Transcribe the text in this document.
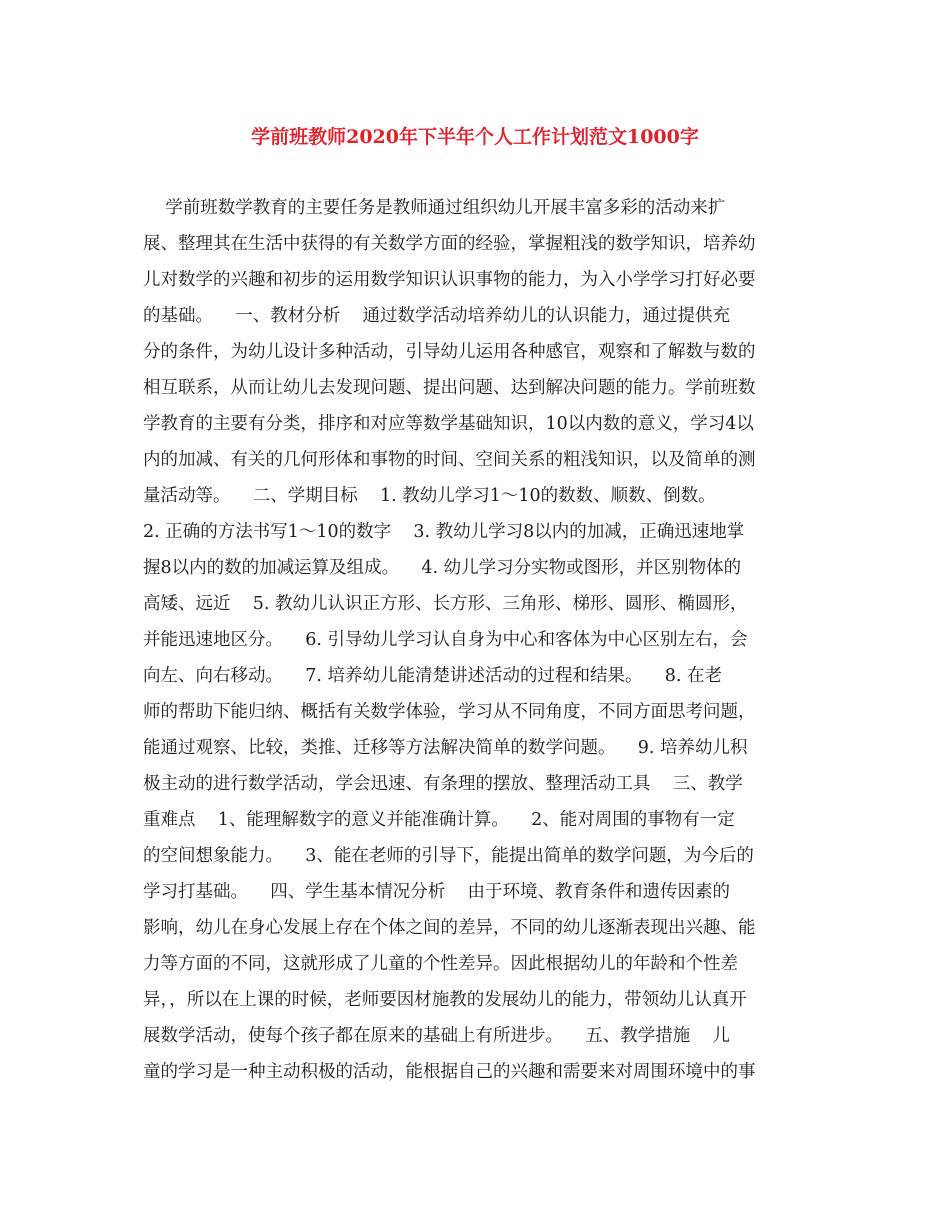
学前班教师2020年下半年个人工作计划范文1000字
学前班数学教育的主要任务是教师通过组织幼儿开展丰富多彩的活动来扩
展、整理其在生活中获得的有关数学方面的经验，掌握粗浅的数学知识，培养幼
儿对数学的兴趣和初步的运用数学知识认识事物的能力，为入小学学习打好必要
的基础。    一、教材分析    通过数学活动培养幼儿的认识能力，通过提供充
分的条件，为幼儿设计多种活动，引导幼儿运用各种感官，观察和了解数与数的
相互联系，从而让幼儿去发现问题、提出问题、达到解决问题的能力。学前班数
学教育的主要有分类，排序和对应等数学基础知识，10以内数的意义，学习4以
内的加减、有关的几何形体和事物的时间、空间关系的粗浅知识，以及简单的测
量活动等。    二、学期目标    1. 教幼儿学习1～10的数数、顺数、倒数。
2. 正确的方法书写1～10的数字    3. 教幼儿学习8以内的加减，正确迅速地掌
握8以内的数的加减运算及组成。    4. 幼儿学习分实物或图形，并区别物体的
高矮、远近    5. 教幼儿认识正方形、长方形、三角形、梯形、圆形、椭圆形，
并能迅速地区分。    6. 引导幼儿学习认自身为中心和客体为中心区别左右，会
向左、向右移动。    7. 培养幼儿能清楚讲述活动的过程和结果。    8. 在老
师的帮助下能归纳、概括有关数学体验，学习从不同角度，不同方面思考问题，
能通过观察、比较，类推、迁移等方法解决简单的数学问题。    9. 培养幼儿积
极主动的进行数学活动，学会迅速、有条理的摆放、整理活动工具    三、教学
重难点    1、能理解数字的意义并能准确计算。    2、能对周围的事物有一定
的空间想象能力。    3、能在老师的引导下，能提出简单的数学问题，为今后的
学习打基础。    四、学生基本情况分析    由于环境、教育条件和遗传因素的
影响，幼儿在身心发展上存在个体之间的差异，不同的幼儿逐渐表现出兴趣、能
力等方面的不同，这就形成了儿童的个性差异。因此根据幼儿的年龄和个性差
异，，所以在上课的时候，老师要因材施教的发展幼儿的能力，带领幼儿认真开
展数学活动，使每个孩子都在原来的基础上有所进步。    五、教学措施    儿
童的学习是一种主动积极的活动，能根据自己的兴趣和需要来对周围环境中的事
